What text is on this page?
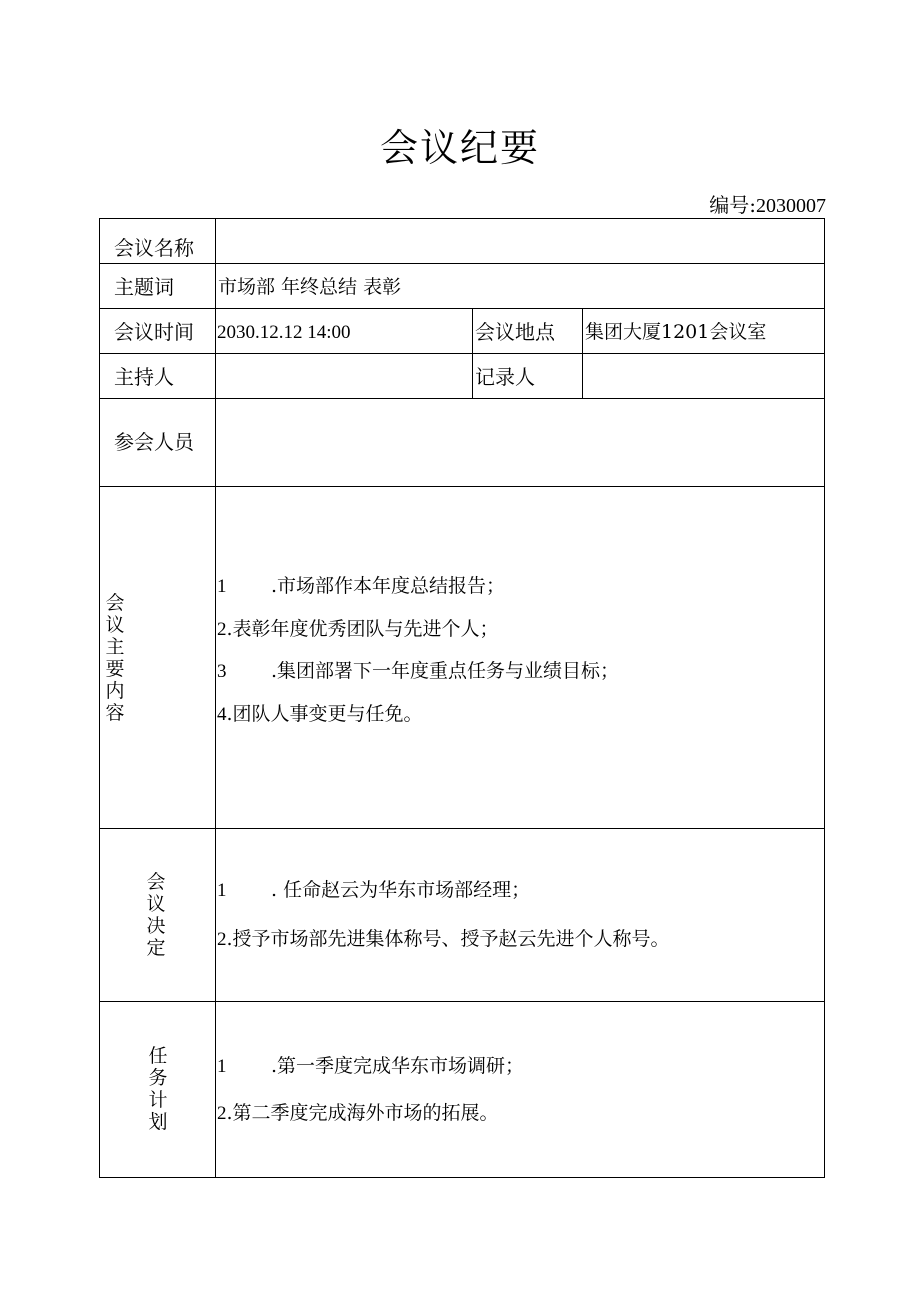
会议纪要
编号:2030007
会议名称
主题词 市场部 年终总结 表彰
会议时间 2030.12.12 14:00	会议地点 集团大厦1201会议室
主持人	记录人
参会人员
会
议
主
要
内
容
1 .市场部作本年度总结报告；
2.表彰年度优秀团队与先进个人；
3 .集团部署下一年度重点任务与业绩目标；
4.团队人事变更与任免。
会
议
决
定
1 . 任命赵云为华东市场部经理；
2.授予市场部先进集体称号、授予赵云先进个人称号。
任
务
计
划
1 .第一季度完成华东市场调研；
2.第二季度完成海外市场的拓展。
